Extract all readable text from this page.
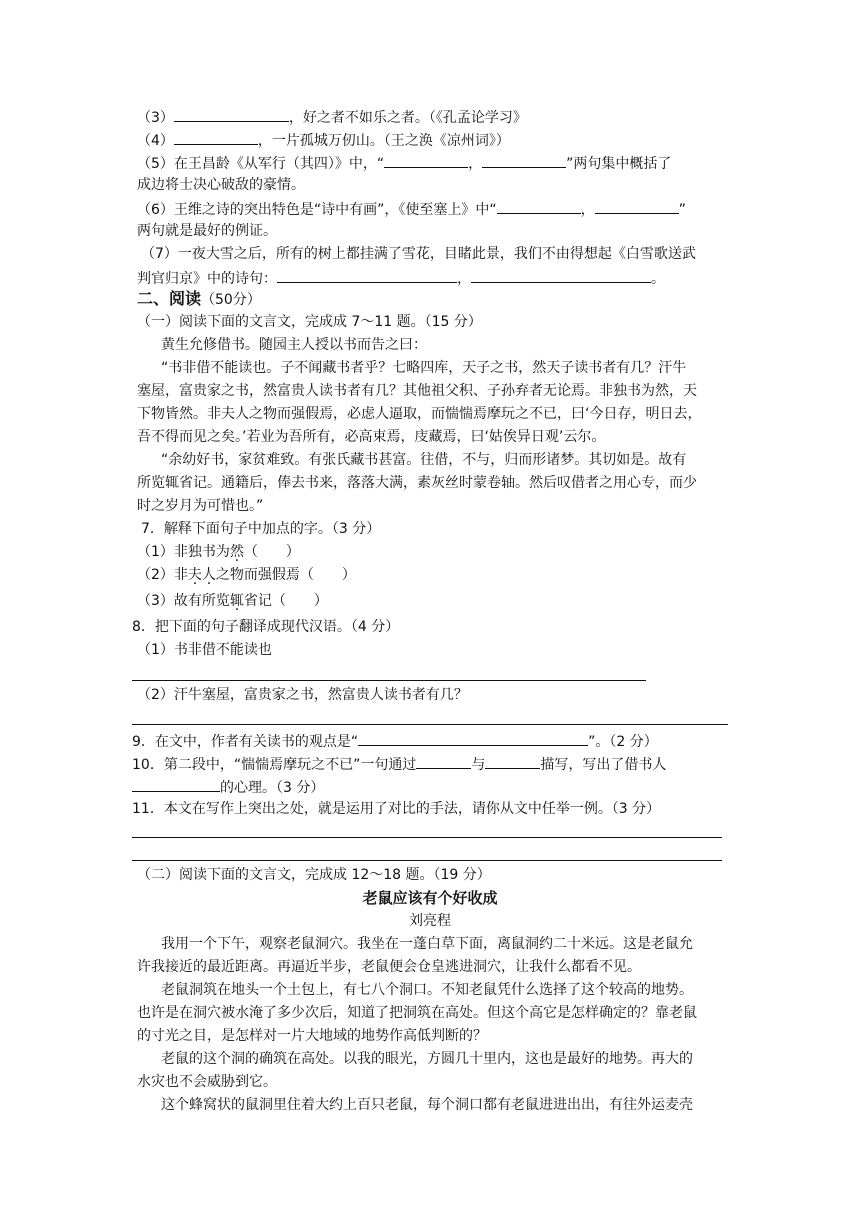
（3）	，好之者不如乐之者。（《孔孟论学习》
（4）	，一片孤城万仞山。（王之涣《凉州词》）
（5）在王昌龄《从军行（其四）》中，“	，	”两句集中概括了
成边将士决心破敌的豪情。
（6）王维之诗的突出特色是“诗中有画”，《使至塞上》中“	，	”
两句就是最好的例证。
（7）一夜大雪之后，所有的树上都挂满了雪花，目睹此景，我们不由得想起《白雪歌送武
判官归京》中的诗句：	，	。
二、阅读（50分）
（一）阅读下面的文言文，完成成 7～11 题。（15 分）
黄生允修借书。随园主人授以书而告之曰：
“书非借不能读也。子不闻藏书者乎？七略四库，天子之书，然天子读书者有几？汗牛
塞屋，富贵家之书，然富贵人读书者有几？其他祖父积、子孙弃者无论焉。非独书为然，天
下物皆然。非夫人之物而强假焉，必虑人逼取，而惴惴焉摩玩之不已，曰‘今日存，明日去，
吾不得而见之矣。’若业为吾所有，必高束焉，庋藏焉，曰‘姑俟异日观’云尔。
“余幼好书，家贫难致。有张氏藏书甚富。往借，不与，归而形诸梦。其切如是。故有
所览辄省记。通籍后，俸去书来，落落大满，素灰丝时蒙卷轴。然后叹借者之用心专，而少
时之岁月为可惜也。”
7．解释下面句子中加点的字。（3 分）
（1）非独书为然（　　）
（2）非夫人之物而强假焉（　　）
（3）故有所览辄省记（　　）
8．把下面的句子翻译成现代汉语。（4 分）
（1）书非借不能读也
（2）汗牛塞屋，富贵家之书，然富贵人读书者有几？
9．在文中，作者有关读书的观点是“	”。（2 分）
10．第二段中，“惴惴焉摩玩之不已”一句通过	与	描写，写出了借书人
的心理。（3 分）
11．本文在写作上突出之处，就是运用了对比的手法，请你从文中任举一例。（3 分）
（二）阅读下面的文言文，完成成 12～18 题。（19 分）
老鼠应该有个好收成
刘亮程
我用一个下午，观察老鼠洞穴。我坐在一蓬白草下面，离鼠洞约二十米远。这是老鼠允
许我接近的最近距离。再逼近半步，老鼠便会仓皇逃进洞穴，让我什么都看不见。
老鼠洞筑在地头一个土包上，有七八个洞口。不知老鼠凭什么选择了这个较高的地势。
也许是在洞穴被水淹了多少次后，知道了把洞筑在高处。但这个高它是怎样确定的？靠老鼠
的寸光之目，是怎样对一片大地域的地势作高低判断的？
老鼠的这个洞的确筑在高处。以我的眼光，方圆几十里内，这也是最好的地势。再大的
水灾也不会威胁到它。
这个蜂窝状的鼠洞里住着大约上百只老鼠，每个洞口都有老鼠进进出出，有往外运麦壳
